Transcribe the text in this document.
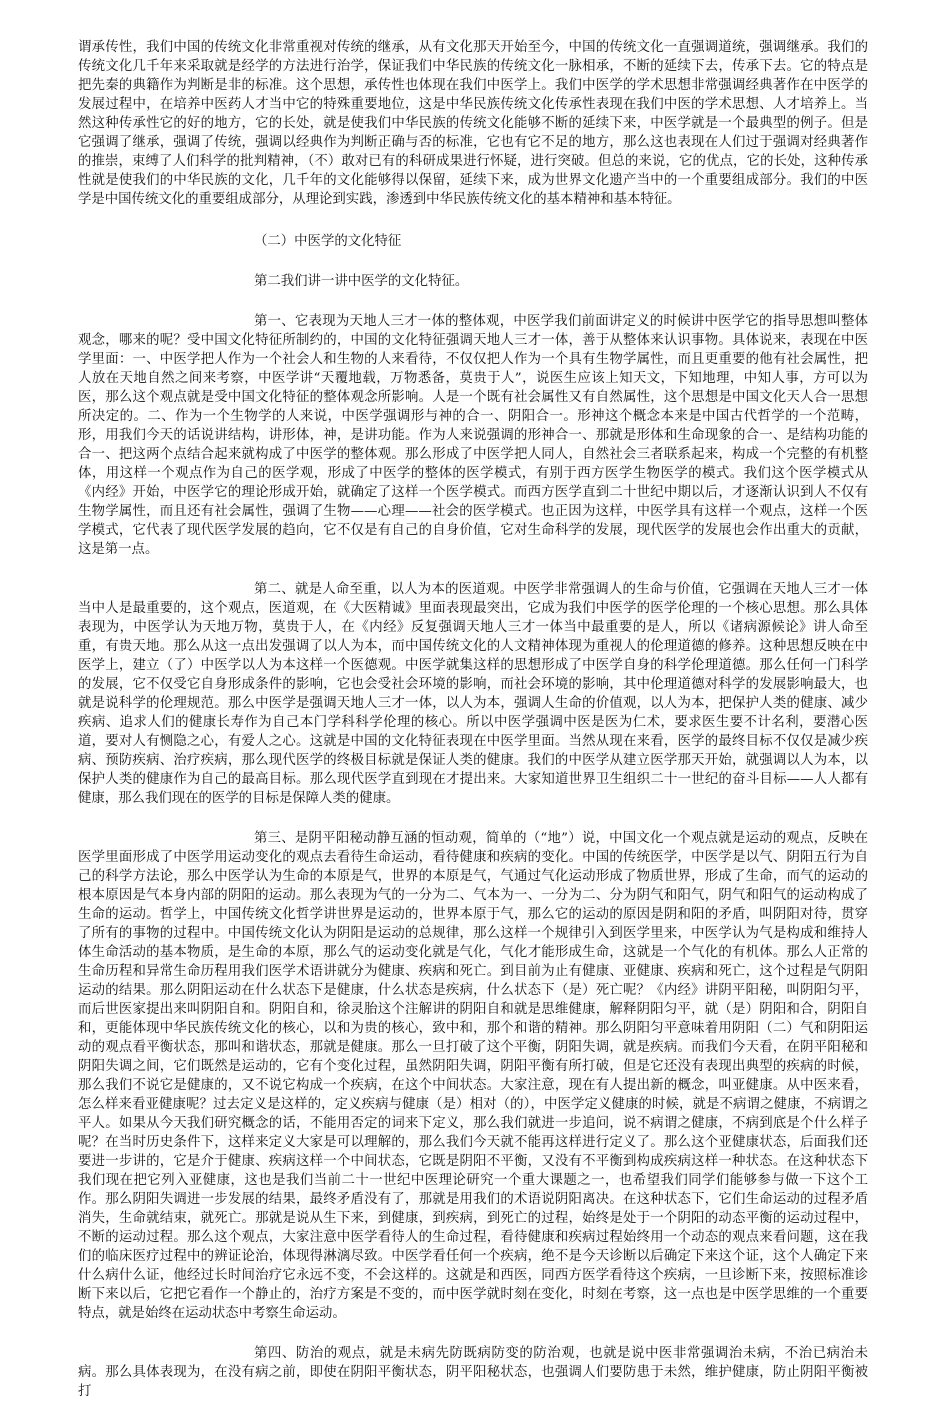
谓承传性，我们中国的传统文化非常重视对传统的继承，从有文化那天开始至今，中国的传统文化一直强调道统，强调继承。我们的传统文化几千年来采取就是经学的方法进行治学，保证我们中华民族的传统文化一脉相承，不断的延续下去，传承下去。它的特点是把先秦的典籍作为判断是非的标准。这个思想，承传性也体现在我们中医学上。我们中医学的学术思想非常强调经典著作在中医学的发展过程中，在培养中医药人才当中它的特殊重要地位，这是中华民族传统文化传承性表现在我们中医的学术思想、人才培养上。当然这种传承性它的好的地方，它的长处，就是使我们中华民族的传统文化能够不断的延续下来，中医学就是一个最典型的例子。但是它强调了继承，强调了传统，强调以经典作为判断正确与否的标准，它也有它不足的地方，那么这也表现在人们过于强调对经典著作的推崇，束缚了人们科学的批判精神，（不）敢对已有的科研成果进行怀疑，进行突破。但总的来说，它的优点，它的长处，这种传承性就是使我们的中华民族的文化，几千年的文化能够得以保留，延续下来，成为世界文化遗产当中的一个重要组成部分。我们的中医学是中国传统文化的重要组成部分，从理论到实践，渗透到中华民族传统文化的基本精神和基本特征。

（二）中医学的文化特征

第二我们讲一讲中医学的文化特征。

第一、它表现为天地人三才一体的整体观，中医学我们前面讲定义的时候讲中医学它的指导思想叫整体观念，哪来的呢？受中国文化特征所制约的，中国的文化特征强调天地人三才一体，善于从整体来认识事物。具体说来，表现在中医学里面：一、中医学把人作为一个社会人和生物的人来看待，不仅仅把人作为一个具有生物学属性，而且更重要的他有社会属性，把人放在天地自然之间来考察，中医学讲“天覆地载，万物悉备，莫贵于人”，说医生应该上知天文，下知地理，中知人事，方可以为医，那么这个观点就是受中国文化特征的整体观念所影响。人是一个既有社会属性又有自然属性，这个思想是中国文化天人合一思想所决定的。二、作为一个生物学的人来说，中医学强调形与神的合一、阴阳合一。形神这个概念本来是中国古代哲学的一个范畴，形，用我们今天的话说讲结构，讲形体，神，是讲功能。作为人来说强调的形神合一、那就是形体和生命现象的合一、是结构功能的合一、把这两个点结合起来就构成了中医学的整体观。那么形成了中医学把人同人，自然社会三者联系起来，构成一个完整的有机整体，用这样一个观点作为自己的医学观，形成了中医学的整体的医学模式，有别于西方医学生物医学的模式。我们这个医学模式从《内经》开始，中医学它的理论形成开始，就确定了这样一个医学模式。而西方医学直到二十世纪中期以后，才逐渐认识到人不仅有生物学属性，而且还有社会属性，强调了生物——心理——社会的医学模式。也正因为这样，中医学具有这样一个观点，这样一个医学模式，它代表了现代医学发展的趋向，它不仅是有自己的自身价值，它对生命科学的发展，现代医学的发展也会作出重大的贡献，这是第一点。

第二、就是人命至重，以人为本的医道观。中医学非常强调人的生命与价值，它强调在天地人三才一体当中人是最重要的，这个观点，医道观，在《大医精诚》里面表现最突出，它成为我们中医学的医学伦理的一个核心思想。那么具体表现为，中医学认为天地万物，莫贵于人，在《内经》反复强调天地人三才一体当中最重要的是人，所以《诸病源候论》讲人命至重，有贵天地。那么从这一点出发强调了以人为本，而中国传统文化的人文精神体现为重视人的伦理道德的修养。这种思想反映在中医学上，建立（了）中医学以人为本这样一个医德观。中医学就集这样的思想形成了中医学自身的科学伦理道德。那么任何一门科学的发展，它不仅受它自身形成条件的影响，它也会受社会环境的影响，而社会环境的影响，其中伦理道德对科学的发展影响最大，也就是说科学的伦理规范。那么中医学是强调天地人三才一体，以人为本，强调人生命的价值观，以人为本，把保护人类的健康、减少疾病、追求人们的健康长寿作为自己本门学科科学伦理的核心。所以中医学强调中医是医为仁术，要求医生要不计名利，要潜心医道，要对人有恻隐之心，有爱人之心。这就是中国的文化特征表现在中医学里面。当然从现在来看，医学的最终目标不仅仅是减少疾病、预防疾病、治疗疾病，那么现代医学的终极目标就是保证人类的健康。我们的中医学从建立医学那天开始，就强调以人为本，以保护人类的健康作为自己的最高目标。那么现代医学直到现在才提出来。大家知道世界卫生组织二十一世纪的奋斗目标——人人都有健康，那么我们现在的医学的目标是保障人类的健康。

第三、是阴平阳秘动静互涵的恒动观，简单的（“地”）说，中国文化一个观点就是运动的观点，反映在医学里面形成了中医学用运动变化的观点去看待生命运动，看待健康和疾病的变化。中国的传统医学，中医学是以气、阴阳五行为自己的科学方法论，那么中医学认为生命的本原是气，世界的本原是气，气通过气化运动形成了物质世界，形成了生命，而气的运动的根本原因是气本身内部的阴阳的运动。那么表现为气的一分为二、气本为一、一分为二、分为阴气和阳气，阴气和阳气的运动构成了生命的运动。哲学上，中国传统文化哲学讲世界是运动的，世界本原于气，那么它的运动的原因是阴和阳的矛盾，叫阴阳对待，贯穿了所有的事物的过程中。中国传统文化认为阴阳是运动的总规律，那么这样一个规律引入到医学里来，中医学认为气是构成和维持人体生命活动的基本物质，是生命的本原，那么气的运动变化就是气化，气化才能形成生命，这就是一个气化的有机体。那么人正常的生命历程和异常生命历程用我们医学术语讲就分为健康、疾病和死亡。到目前为止有健康、亚健康、疾病和死亡，这个过程是气阴阳运动的结果。那么阴阳运动在什么状态下是健康，什么状态是疾病，什么状态下（是）死亡呢？《内经》讲阴平阳秘，叫阴阳匀平，而后世医家提出来叫阴阳自和。阴阳自和，徐灵胎这个注解讲的阴阳自和就是思维健康，解释阴阳匀平，就（是）阴阳和合，阴阳自和，更能体现中华民族传统文化的核心，以和为贵的核心，致中和，那个和谐的精神。那么阴阳匀平意味着用阴阳（二）气和阴阳运动的观点看平衡状态，那叫和谐状态，那就是健康。那么一旦打破了这个平衡，阴阳失调，就是疾病。而我们今天看，在阴平阳秘和阴阳失调之间，它们既然是运动的，它有个变化过程，虽然阴阳失调，阴阳平衡有所打破，但是它还没有表现出典型的疾病的时候，那么我们不说它是健康的，又不说它构成一个疾病，在这个中间状态。大家注意，现在有人提出新的概念，叫亚健康。从中医来看，怎么样来看亚健康呢？过去定义是这样的，定义疾病与健康（是）相对（的），中医学定义健康的时候，就是不病谓之健康，不病谓之平人。如果从今天我们研究概念的话，不能用否定的词来下定义，那么我们就进一步追问，说不病谓之健康，不病到底是个什么样子呢？在当时历史条件下，这样来定义大家是可以理解的，那么我们今天就不能再这样进行定义了。那么这个亚健康状态，后面我们还要进一步讲的，它是介于健康、疾病这样一个中间状态，它既是阴阳不平衡，又没有不平衡到构成疾病这样一种状态。在这种状态下我们现在把它列入亚健康，这也是我们当前二十一世纪中医理论研究一个重大课题之一，也希望我们同学们能够参与做一下这个工作。那么阴阳失调进一步发展的结果，最终矛盾没有了，那就是用我们的术语说阴阳离决。在这种状态下，它们生命运动的过程矛盾消失，生命就结束，就死亡。那就是说从生下来，到健康，到疾病，到死亡的过程，始终是处于一个阴阳的动态平衡的运动过程中，不断的运动过程。那么这个观点，大家注意中医学看待人的生命过程，看待健康和疾病过程始终用一个动态的观点来看问题，这在我们的临床医疗过程中的辨证论治，体现得淋漓尽致。中医学看任何一个疾病，绝不是今天诊断以后确定下来这个证，这个人确定下来什么病什么证，他经过长时间治疗它永远不变，不会这样的。这就是和西医，同西方医学看待这个疾病，一旦诊断下来，按照标准诊断下来以后，它把它看作一个静止的，治疗方案是不变的，而中医学就时刻在变化，时刻在考察，这一点也是中医学思维的一个重要特点，就是始终在运动状态中考察生命运动。

第四、防治的观点，就是未病先防既病防变的防治观，也就是说中医非常强调治未病，不治已病治未病。那么具体表现为，在没有病之前，即使在阴阳平衡状态，阴平阳秘状态，也强调人们要防患于未然，维护健康，防止阴阳平衡被打
